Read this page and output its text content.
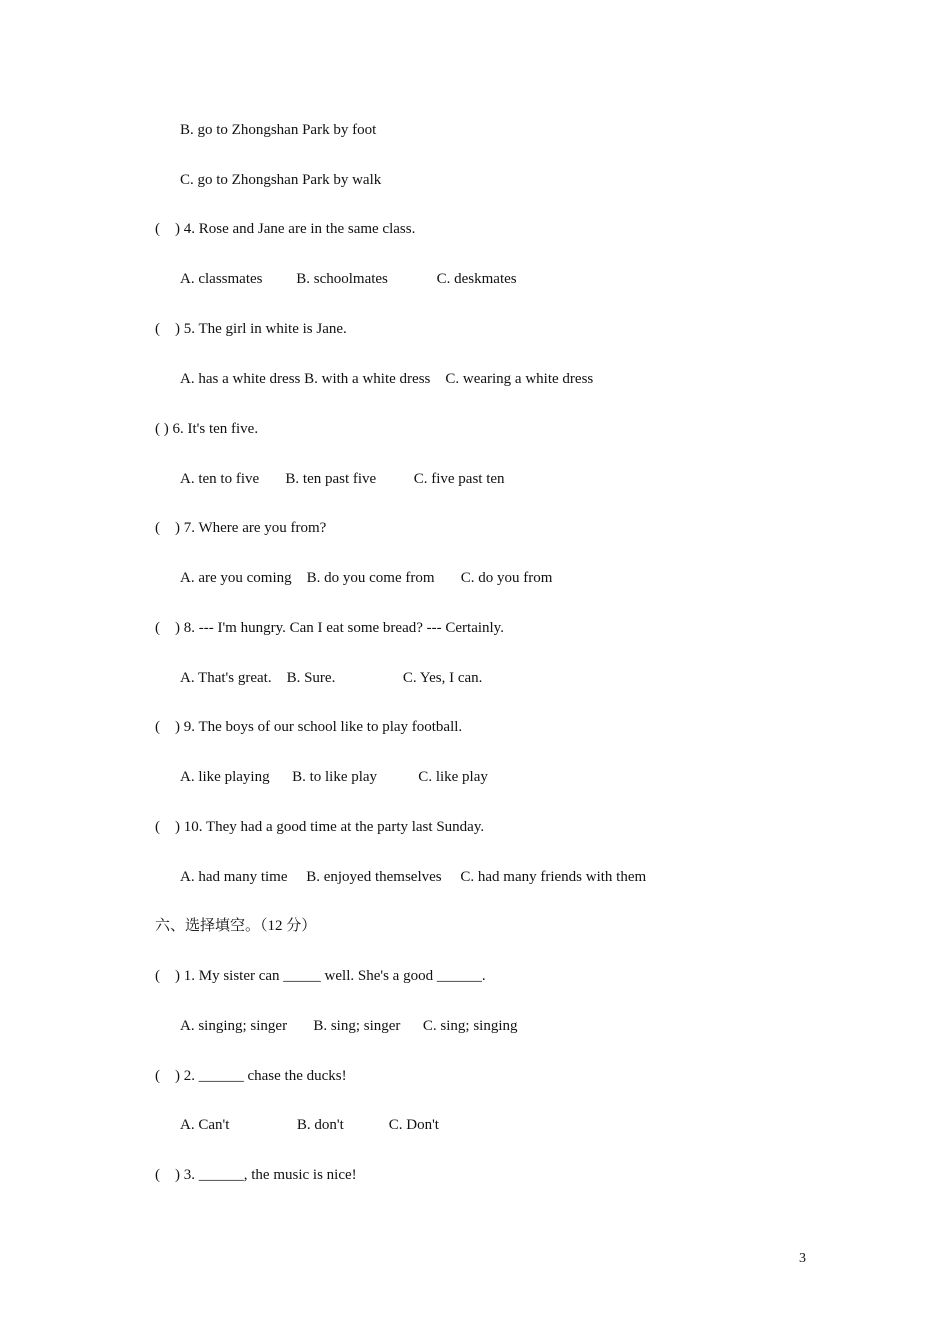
B. go to Zhongshan Park by foot
C. go to Zhongshan Park by walk
(    ) 4. Rose and Jane are in the same class.
A. classmates         B. schoolmates             C. deskmates
(    ) 5. The girl in white is Jane.
A. has a white dress B. with a white dress    C. wearing a white dress
( ) 6. It's ten five.
A. ten to five       B. ten past five          C. five past ten
(    ) 7. Where are you from?
A. are you coming    B. do you come from       C. do you from
(    ) 8. --- I'm hungry. Can I eat some bread? --- Certainly.
A. That's great.    B. Sure.                  C. Yes, I can.
(    ) 9. The boys of our school like to play football.
A. like playing      B. to like play           C. like play
(    ) 10. They had a good time at the party last Sunday.
A. had many time     B. enjoyed themselves     C. had many friends with them
六、选择填空。（12 分）
(    ) 1. My sister can _____ well. She's a good ______.
A. singing; singer       B. sing; singer      C. sing; singing
(    ) 2. ______ chase the ducks!
A. Can't                  B. don't            C. Don't
(    ) 3. ______, the music is nice!
3
